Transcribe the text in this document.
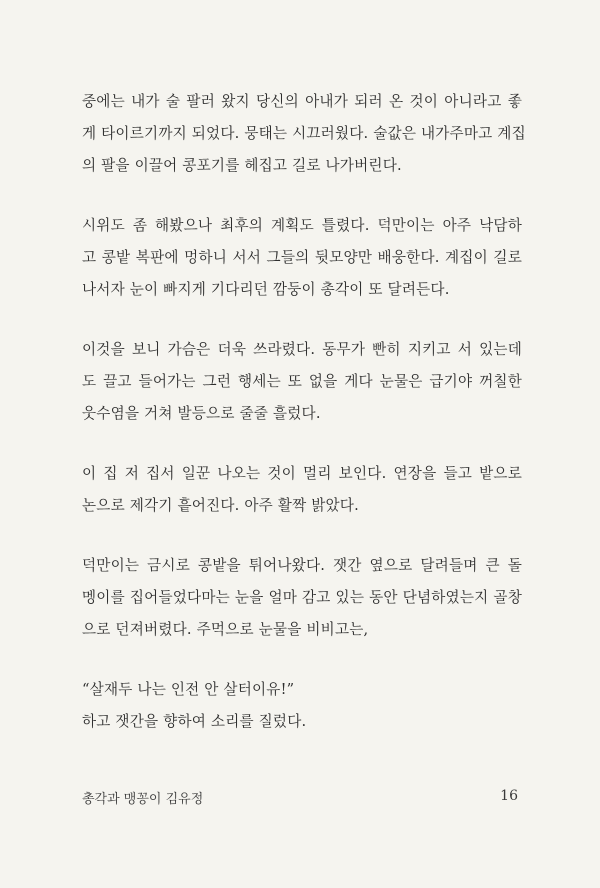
중에는 내가 술 팔러 왔지 당신의 아내가 되러 온 것이 아니라고 좋
게 타이르기까지 되었다. 뭉태는 시끄러웠다. 술값은 내가주마고 계집
의 팔을 이끌어 콩포기를 헤집고 길로 나가버린다.
시위도 좀 해봤으나 최후의 계획도 틀렸다. 덕만이는 아주 낙담하
고 콩밭 복판에 멍하니 서서 그들의 뒷모양만 배웅한다. 계집이 길로
나서자 눈이 빠지게 기다리던 깜둥이 총각이 또 달려든다.
이것을 보니 가슴은 더욱 쓰라렸다. 동무가 빤히 지키고 서 있는데
도 끌고 들어가는 그런 행세는 또 없을 게다 눈물은 급기야 꺼칠한
웃수염을 거쳐 발등으로 줄줄 흘렀다.
이 집 저 집서 일꾼 나오는 것이 멀리 보인다. 연장을 들고 밭으로
논으로 제각기 흩어진다. 아주 활짝 밝았다.
덕만이는 금시로 콩밭을 튀어나왔다. 잿간 옆으로 달려들며 큰 돌
멩이를 집어들었다마는 눈을 얼마 감고 있는 동안 단념하였는지 골창
으로 던져버렸다. 주먹으로 눈물을 비비고는,
“살재두 나는 인전 안 살터이유!”
하고 잿간을 향하여 소리를 질렀다.
총각과 맹꽁이 김유정	16
